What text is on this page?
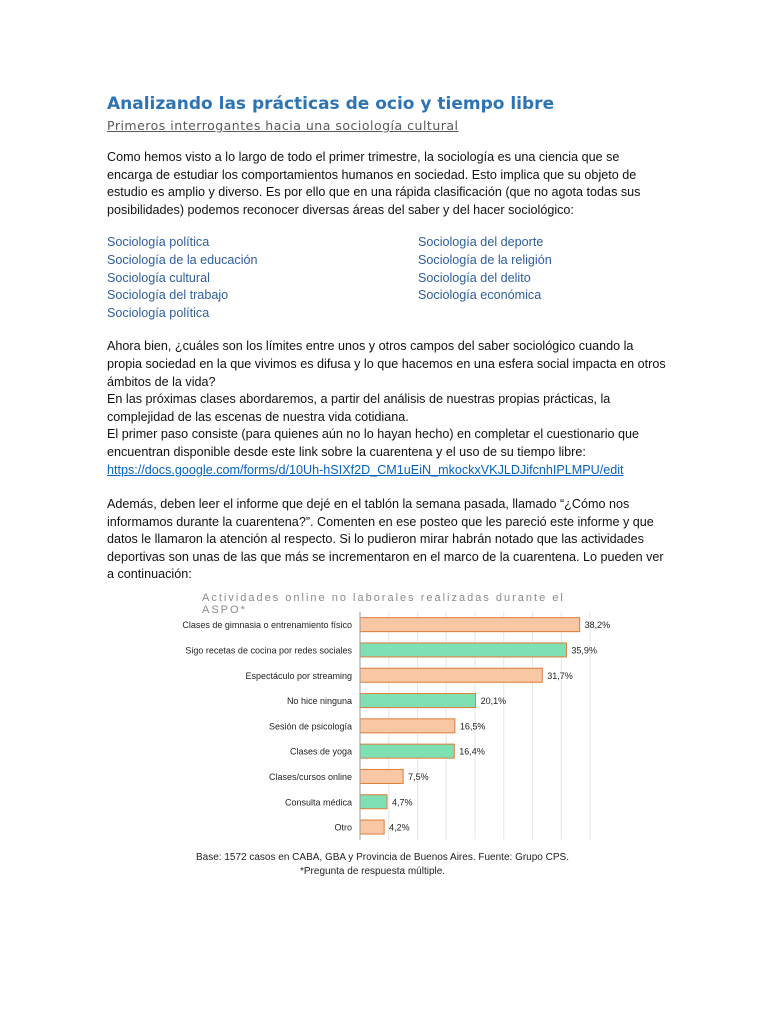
Analizando las prácticas de ocio y tiempo libre
Primeros interrogantes hacia una sociología cultural

Como hemos visto a lo largo de todo el primer trimestre, la sociología es una ciencia que se encarga de estudiar los comportamientos humanos en sociedad. Esto implica que su objeto de estudio es amplio y diverso. Es por ello que en una rápida clasificación (que no agota todas sus posibilidades) podemos reconocer diversas áreas del saber y del hacer sociológico:

Sociología política
Sociología de la educación
Sociología cultural
Sociología del trabajo
Sociología política
Sociología del deporte
Sociología de la religión
Sociología del delito
Sociología económica

Ahora bien, ¿cuáles son los límites entre unos y otros campos del saber sociológico cuando la propia sociedad en la que vivimos es difusa y lo que hacemos en una esfera social impacta en otros ámbitos de la vida?

En las próximas clases abordaremos, a partir del análisis de nuestras propias prácticas, la complejidad de las escenas de nuestra vida cotidiana.

El primer paso consiste (para quienes aún no lo hayan hecho) en completar el cuestionario que encuentran disponible desde este link sobre la cuarentena y el uso de su tiempo libre:

https://docs.google.com/forms/d/10Uh-hSIXf2D_CM1uEiN_mkockxVKJLDJifcnhIPLMPU/edit

Además, deben leer el informe que dejé en el tablón la semana pasada, llamado “¿Cómo nos informamos durante la cuarentena?”. Comenten en ese posteo que les pareció este informe y que datos le llamaron la atención al respecto. Si lo pudieron mirar habrán notado que las actividades deportivas son unas de las que más se incrementaron en el marco de la cuarentena. Lo pueden ver a continuación:

Actividades online no laborales realizadas durante el ASPO*
Clases de gimnasia o entrenamiento físico	38,2%
Sigo recetas de cocina por redes sociales	35,9%
Espectáculo por streaming	31,7%
No hice ninguna	20,1%
Sesión de psicología	16,5%
Clases de yoga	16,4%
Clases/cursos online	7,5%
Consulta médica	4,7%
Otro	4,2%
Base: 1572 casos en CABA, GBA y Provincia de Buenos Aires. Fuente: Grupo CPS.
*Pregunta de respuesta múltiple.
